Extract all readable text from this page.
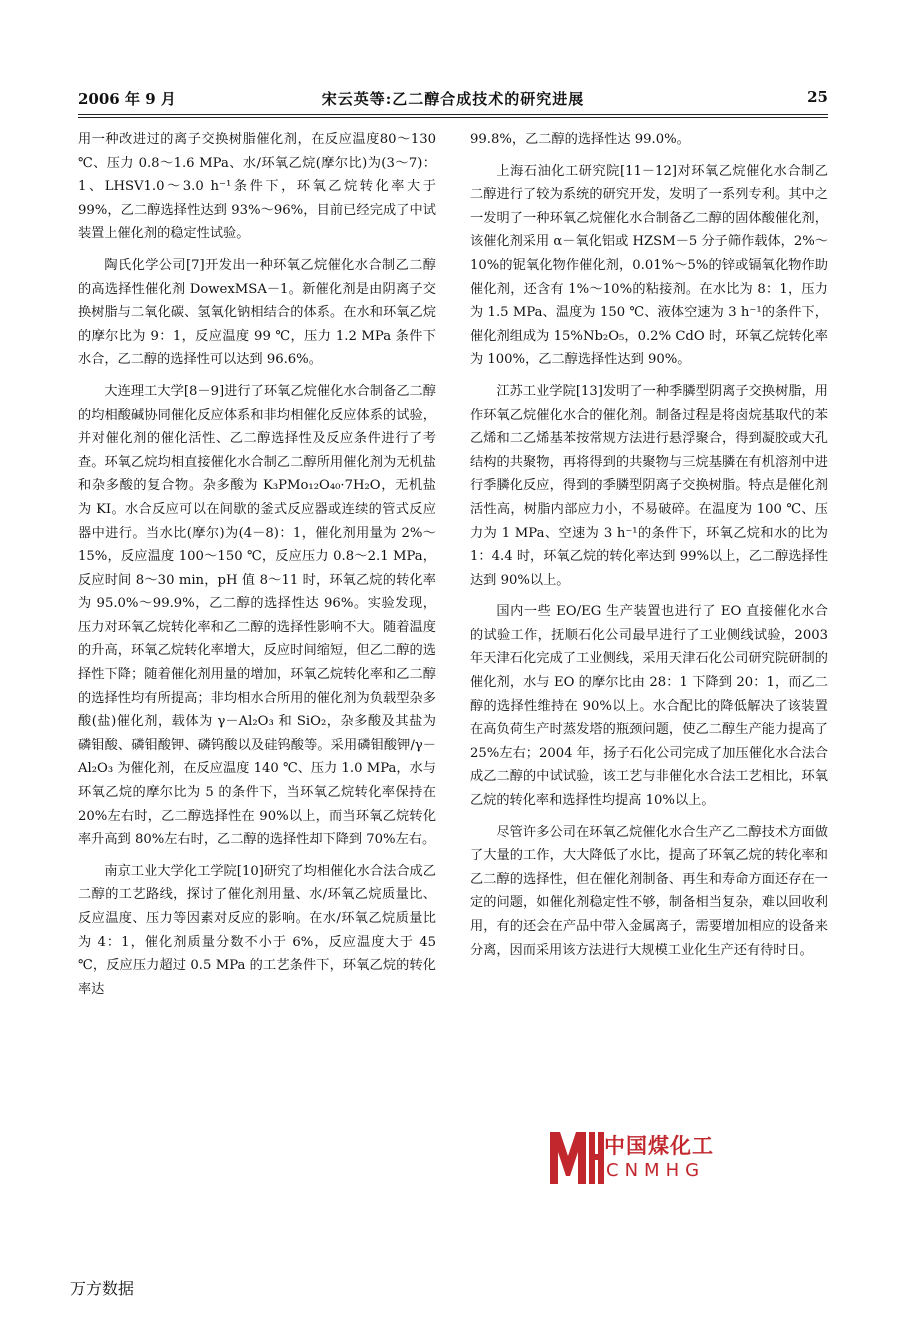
2006 年 9 月	宋云英等:乙二醇合成技术的研究进展	25

用一种改进过的离子交换树脂催化剂，在反应温度80～130 ℃、压力 0.8～1.6 MPa、水/环氧乙烷(摩尔比)为(3～7)：1、LHSV1.0～3.0 h⁻¹条件下，环氧乙烷转化率大于 99%，乙二醇选择性达到 93%～96%，目前已经完成了中试装置上催化剂的稳定性试验。

陶氏化学公司[7]开发出一种环氧乙烷催化水合制乙二醇的高选择性催化剂 DowexMSA－1。新催化剂是由阴离子交换树脂与二氧化碳、氢氧化钠相结合的体系。在水和环氧乙烷的摩尔比为 9：1，反应温度 99 ℃，压力 1.2 MPa 条件下水合，乙二醇的选择性可以达到 96.6%。

大连理工大学[8－9]进行了环氧乙烷催化水合制备乙二醇的均相酸碱协同催化反应体系和非均相催化反应体系的试验，并对催化剂的催化活性、乙二醇选择性及反应条件进行了考查。环氧乙烷均相直接催化水合制乙二醇所用催化剂为无机盐和杂多酸的复合物。杂多酸为 K₃PMo₁₂O₄₀·7H₂O，无机盐为 KI。水合反应可以在间歇的釜式反应器或连续的管式反应器中进行。当水比(摩尔)为(4－8)：1，催化剂用量为 2%～15%，反应温度 100～150 ℃，反应压力 0.8～2.1 MPa，反应时间 8～30 min，pH 值 8～11 时，环氧乙烷的转化率为 95.0%～99.9%，乙二醇的选择性达 96%。实验发现，压力对环氧乙烷转化率和乙二醇的选择性影响不大。随着温度的升高，环氧乙烷转化率增大，反应时间缩短，但乙二醇的选择性下降；随着催化剂用量的增加，环氧乙烷转化率和乙二醇的选择性均有所提高；非均相水合所用的催化剂为负载型杂多酸(盐)催化剂，载体为 γ－Al₂O₃ 和 SiO₂，杂多酸及其盐为磷钼酸、磷钼酸钾、磷钨酸以及硅钨酸等。采用磷钼酸钾/γ－Al₂O₃ 为催化剂，在反应温度 140 ℃、压力 1.0 MPa，水与环氧乙烷的摩尔比为 5 的条件下，当环氧乙烷转化率保持在 20%左右时，乙二醇选择性在 90%以上，而当环氧乙烷转化率升高到 80%左右时，乙二醇的选择性却下降到 70%左右。

南京工业大学化工学院[10]研究了均相催化水合法合成乙二醇的工艺路线，探讨了催化剂用量、水/环氧乙烷质量比、反应温度、压力等因素对反应的影响。在水/环氧乙烷质量比为 4：1，催化剂质量分数不小于 6%，反应温度大于 45 ℃，反应压力超过 0.5 MPa 的工艺条件下，环氧乙烷的转化率达

99.8%，乙二醇的选择性达 99.0%。

上海石油化工研究院[11－12]对环氧乙烷催化水合制乙二醇进行了较为系统的研究开发，发明了一系列专利。其中之一发明了一种环氧乙烷催化水合制备乙二醇的固体酸催化剂，该催化剂采用 α－氧化铝或 HZSM－5 分子筛作载体，2%～10%的铌氧化物作催化剂，0.01%～5%的锌或镉氧化物作助催化剂，还含有 1%～10%的粘接剂。在水比为 8：1，压力为 1.5 MPa、温度为 150 ℃、液体空速为 3 h⁻¹的条件下，催化剂组成为 15%Nb₂O₅，0.2% CdO 时，环氧乙烷转化率为 100%，乙二醇选择性达到 90%。

江苏工业学院[13]发明了一种季膦型阴离子交换树脂，用作环氧乙烷催化水合的催化剂。制备过程是将卤烷基取代的苯乙烯和二乙烯基苯按常规方法进行悬浮聚合，得到凝胶或大孔结构的共聚物，再将得到的共聚物与三烷基膦在有机溶剂中进行季膦化反应，得到的季膦型阴离子交换树脂。特点是催化剂活性高，树脂内部应力小，不易破碎。在温度为 100 ℃、压力为 1 MPa、空速为 3 h⁻¹的条件下，环氧乙烷和水的比为 1：4.4 时，环氧乙烷的转化率达到 99%以上，乙二醇选择性达到 90%以上。

国内一些 EO/EG 生产装置也进行了 EO 直接催化水合的试验工作，抚顺石化公司最早进行了工业侧线试验，2003 年天津石化完成了工业侧线，采用天津石化公司研究院研制的催化剂，水与 EO 的摩尔比由 28：1 下降到 20：1，而乙二醇的选择性维持在 90%以上。水合配比的降低解决了该装置在高负荷生产时蒸发塔的瓶颈问题，使乙二醇生产能力提高了 25%左右；2004 年，扬子石化公司完成了加压催化水合法合成乙二醇的中试试验，该工艺与非催化水合法工艺相比，环氧乙烷的转化率和选择性均提高 10%以上。

尽管许多公司在环氧乙烷催化水合生产乙二醇技术方面做了大量的工作，大大降低了水比，提高了环氧乙烷的转化率和乙二醇的选择性，但在催化剂制备、再生和寿命方面还存在一定的问题，如催化剂稳定性不够，制备相当复杂，难以回收利用，有的还会在产品中带入金属离子，需要增加相应的设备来分离，因而采用该方法进行大规模工业化生产还有待时日。

中国煤化工
CNMHG
万方数据
